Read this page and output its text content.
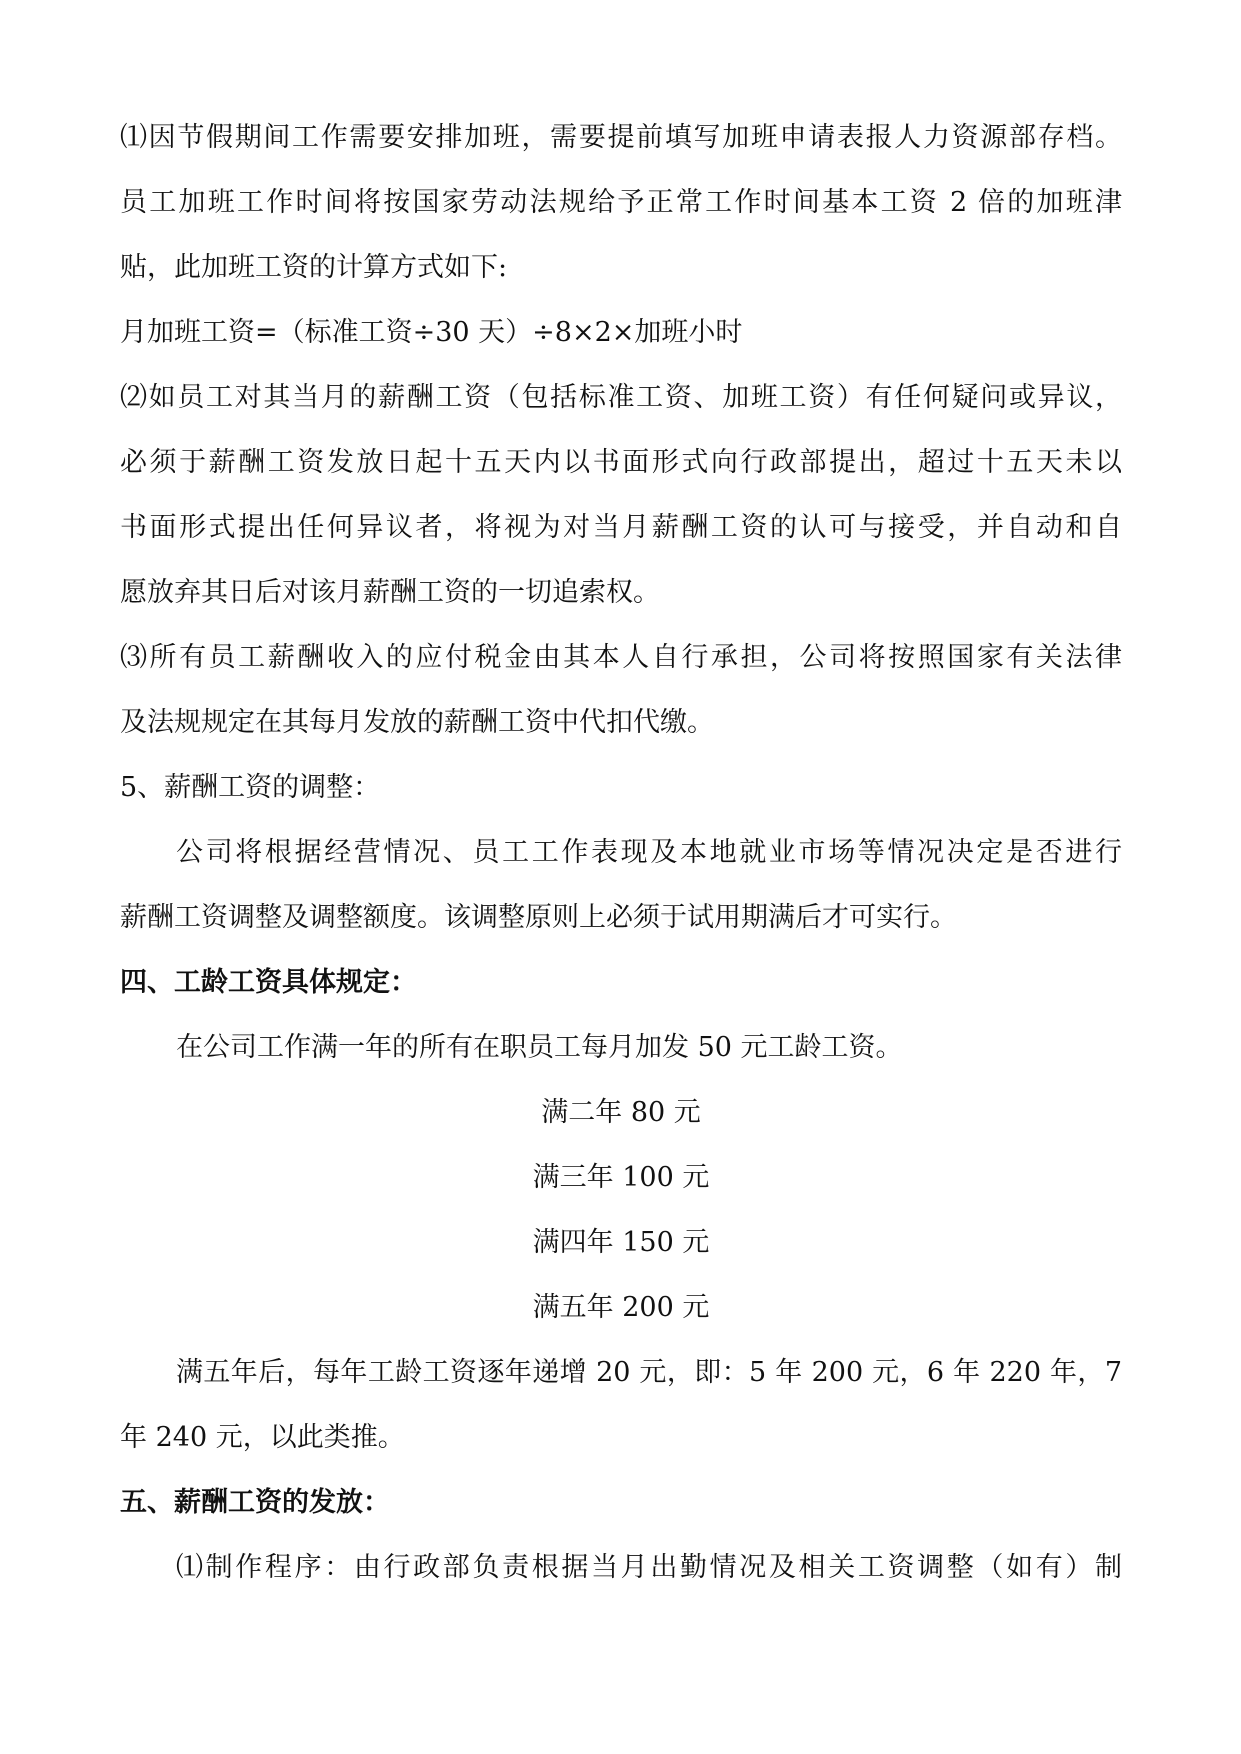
⑴因节假期间工作需要安排加班，需要提前填写加班申请表报人力资源部存档。
员工加班工作时间将按国家劳动法规给予正常工作时间基本工资 2 倍的加班津
贴，此加班工资的计算方式如下:
月加班工资=（标准工资÷30 天）÷8×2×加班小时
⑵如员工对其当月的薪酬工资（包括标准工资、加班工资）有任何疑问或异议，
必须于薪酬工资发放日起十五天内以书面形式向行政部提出，超过十五天未以
书面形式提出任何异议者，将视为对当月薪酬工资的认可与接受，并自动和自
愿放弃其日后对该月薪酬工资的一切追索权。
⑶所有员工薪酬收入的应付税金由其本人自行承担，公司将按照国家有关法律
及法规规定在其每月发放的薪酬工资中代扣代缴。
5、薪酬工资的调整：
公司将根据经营情况、员工工作表现及本地就业市场等情况决定是否进行
薪酬工资调整及调整额度。该调整原则上必须于试用期满后才可实行。
四、工龄工资具体规定：
在公司工作满一年的所有在职员工每月加发 50 元工龄工资。
满二年 80 元
满三年 100 元
满四年 150 元
满五年 200 元
满五年后，每年工龄工资逐年递增 20 元，即：5 年 200 元，6 年 220 年，7
年 240 元，以此类推。
五、薪酬工资的发放：
⑴制作程序：由行政部负责根据当月出勤情况及相关工资调整（如有）制
